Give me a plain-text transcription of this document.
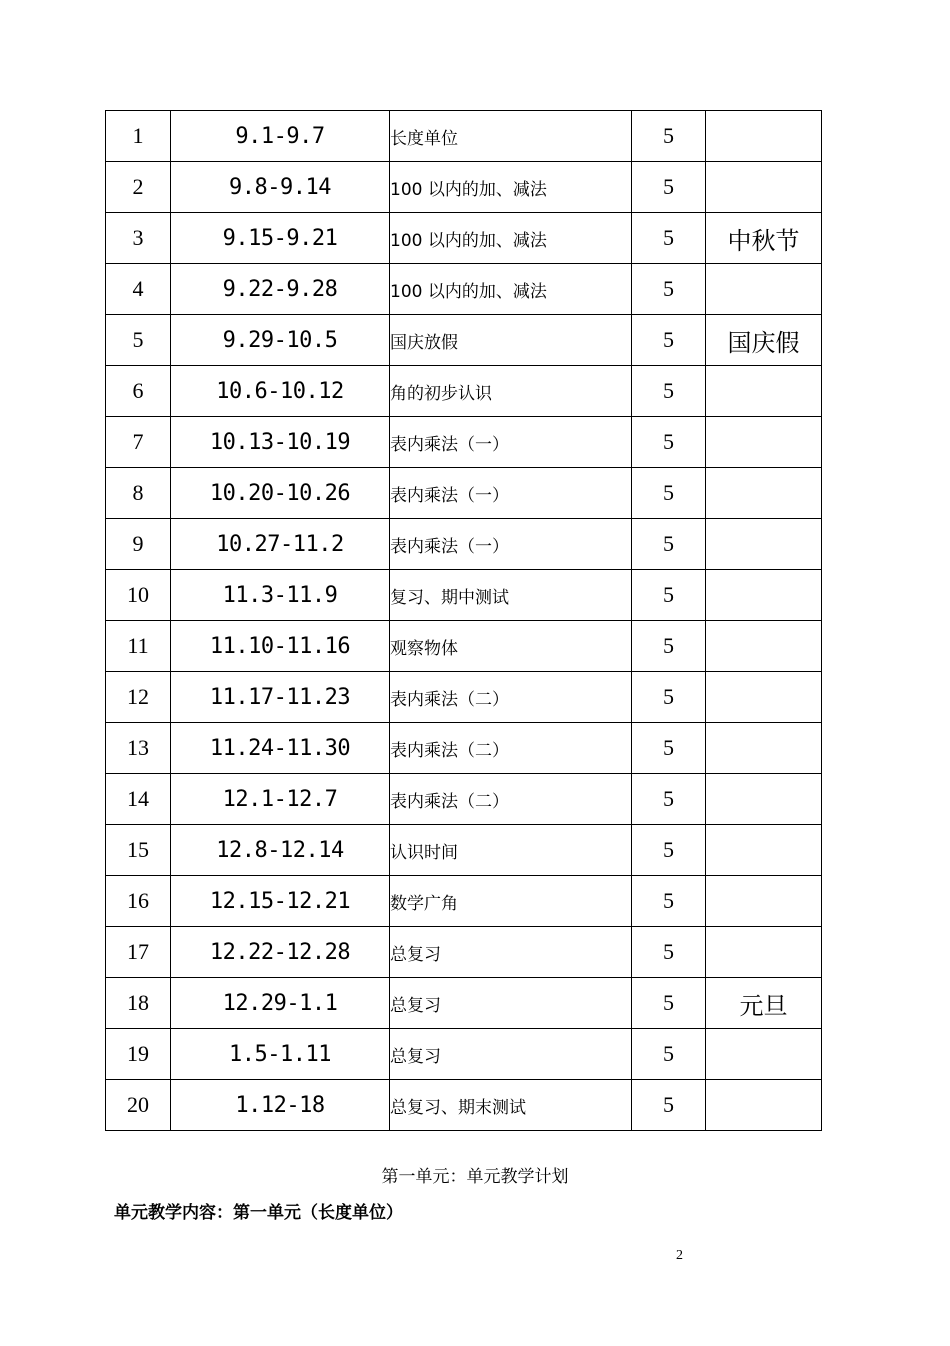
1	9.1-9.7	长度单位	5	
2	9.8-9.14	100 以内的加、减法	5	
3	9.15-9.21	100 以内的加、减法	5	中秋节
4	9.22-9.28	100 以内的加、减法	5	
5	9.29-10.5	国庆放假	5	国庆假
6	10.6-10.12	角的初步认识	5	
7	10.13-10.19	表内乘法（一）	5	
8	10.20-10.26	表内乘法（一）	5	
9	10.27-11.2	表内乘法（一）	5	
10	11.3-11.9	复习、期中测试	5	
11	11.10-11.16	观察物体	5	
12	11.17-11.23	表内乘法（二）	5	
13	11.24-11.30	表内乘法（二）	5	
14	12.1-12.7	表内乘法（二）	5	
15	12.8-12.14	认识时间	5	
16	12.15-12.21	数学广角	5	
17	12.22-12.28	总复习	5	
18	12.29-1.1	总复习	5	元旦
19	1.5-1.11	总复习	5	
20	1.12-18	总复习、期末测试	5	
第一单元：单元教学计划
单元教学内容：第一单元（长度单位）
2
